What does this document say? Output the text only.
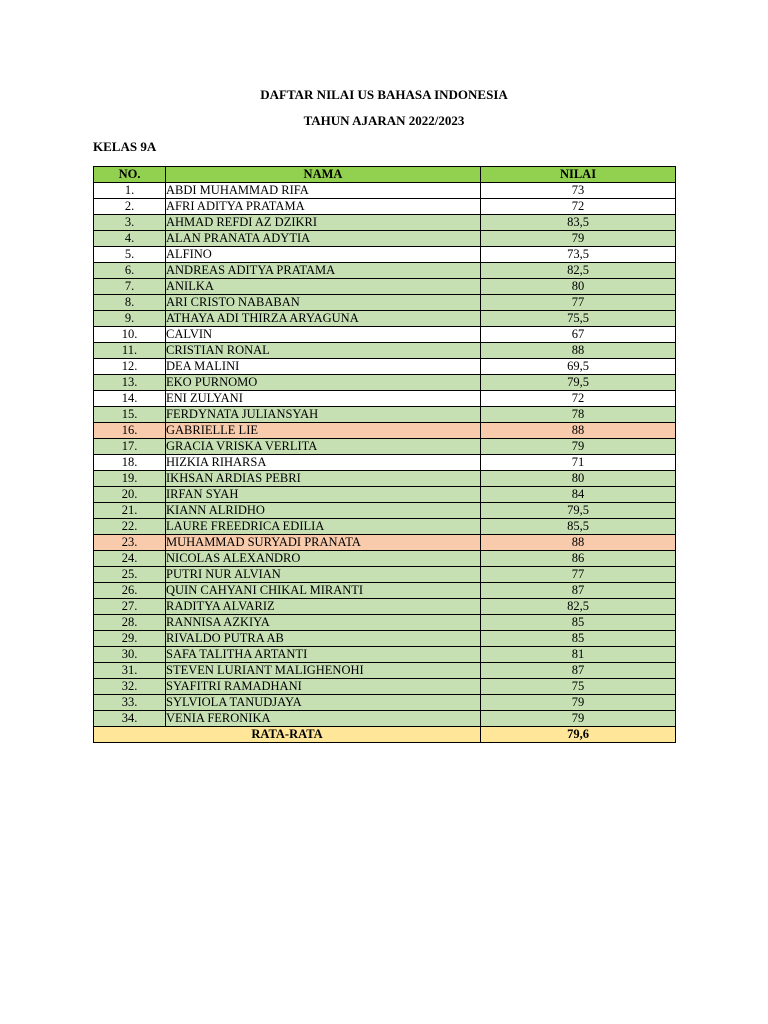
DAFTAR NILAI US BAHASA INDONESIA

TAHUN AJARAN 2022/2023

KELAS 9A

NO.	NAMA	NILAI
1.	ABDI MUHAMMAD RIFA	73
2.	AFRI ADITYA PRATAMA	72
3.	AHMAD REFDI AZ DZIKRI	83,5
4.	ALAN PRANATA ADYTIA	79
5.	ALFINO	73,5
6.	ANDREAS ADITYA PRATAMA	82,5
7.	ANILKA	80
8.	ARI CRISTO NABABAN	77
9.	ATHAYA ADI THIRZA ARYAGUNA	75,5
10.	CALVIN	67
11.	CRISTIAN RONAL	88
12.	DEA MALINI	69,5
13.	EKO PURNOMO	79,5
14.	ENI ZULYANI	72
15.	FERDYNATA JULIANSYAH	78
16.	GABRIELLE LIE	88
17.	GRACIA VRISKA VERLITA	79
18.	HIZKIA RIHARSA	71
19.	IKHSAN ARDIAS PEBRI	80
20.	IRFAN SYAH	84
21.	KIANN ALRIDHO	79,5
22.	LAURE FREEDRICA EDILIA	85,5
23.	MUHAMMAD SURYADI PRANATA	88
24.	NICOLAS ALEXANDRO	86
25.	PUTRI NUR ALVIAN	77
26.	QUIN CAHYANI CHIKAL MIRANTI	87
27.	RADITYA ALVARIZ	82,5
28.	RANNISA AZKIYA	85
29.	RIVALDO PUTRA AB	85
30.	SAFA TALITHA ARTANTI	81
31.	STEVEN LURIANT MALIGHENOHI	87
32.	SYAFITRI RAMADHANI	75
33.	SYLVIOLA TANUDJAYA	79
34.	VENIA FERONIKA	79
RATA-RATA		79,6
